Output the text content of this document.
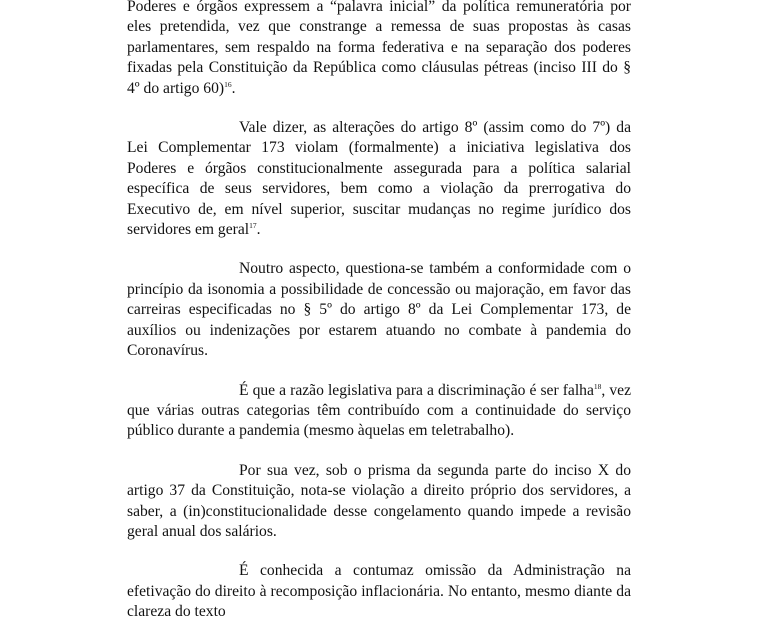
Poderes e órgãos expressem a “palavra inicial” da política remuneratória por eles pretendida, vez que constrange a remessa de suas propostas às casas parlamentares, sem respaldo na forma federativa e na separação dos poderes fixadas pela Constituição da República como cláusulas pétreas (inciso III do § 4º do artigo 60)$^{16}$.

Vale dizer, as alterações do artigo 8º (assim como do 7º) da Lei Complementar 173 violam (formalmente) a iniciativa legislativa dos Poderes e órgãos constitucionalmente assegurada para a política salarial específica de seus servidores, bem como a violação da prerrogativa do Executivo de, em nível superior, suscitar mudanças no regime jurídico dos servidores em geral$^{17}$.

Noutro aspecto, questiona-se também a conformidade com o princípio da isonomia a possibilidade de concessão ou majoração, em favor das carreiras especificadas no § 5º do artigo 8º da Lei Complementar 173, de auxílios ou indenizações por estarem atuando no combate à pandemia do Coronavírus.

É que a razão legislativa para a discriminação é ser falha$^{18}$, vez que várias outras categorias têm contribuído com a continuidade do serviço público durante a pandemia (mesmo àquelas em teletrabalho).

Por sua vez, sob o prisma da segunda parte do inciso X do artigo 37 da Constituição, nota-se violação a direito próprio dos servidores, a saber, a (in)constitucionalidade desse congelamento quando impede a revisão geral anual dos salários.

É conhecida a contumaz omissão da Administração na efetivação do direito à recomposição inflacionária. No entanto, mesmo diante da clareza do texto
